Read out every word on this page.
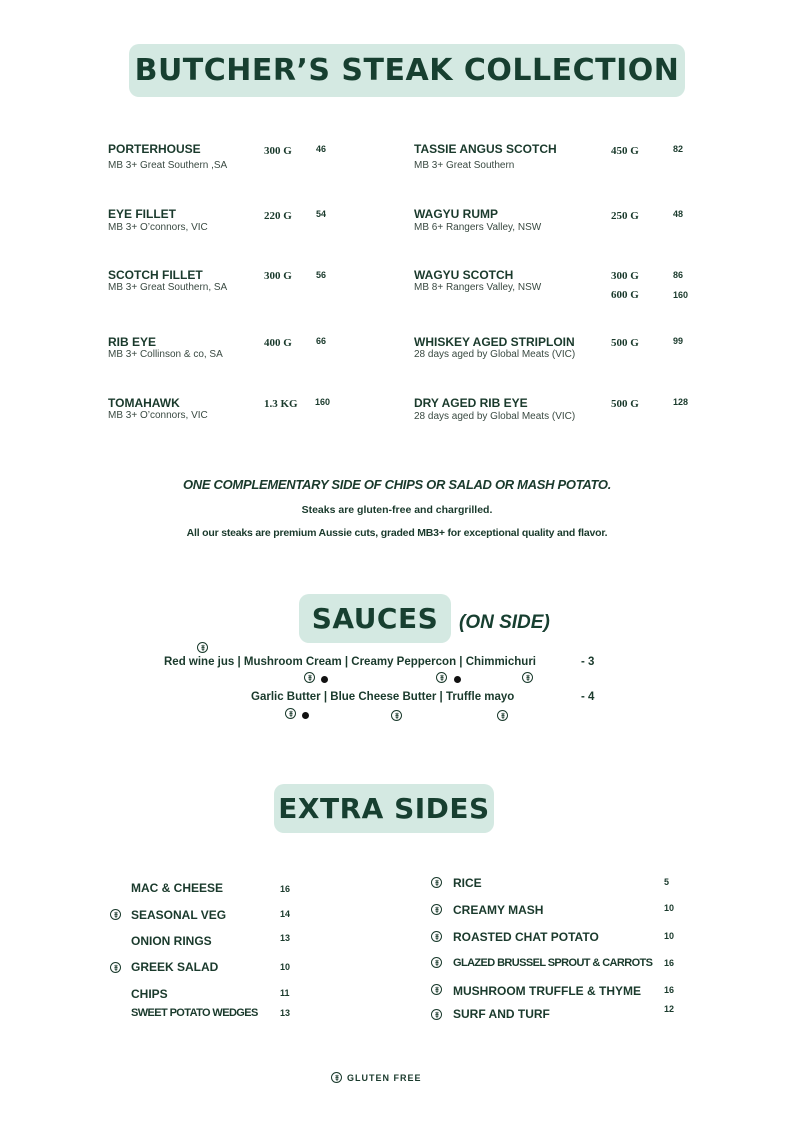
BUTCHER’S STEAK COLLECTION
PORTERHOUSE
MB 3+ Great Southern ,SA
300 G	46
EYE FILLET
MB 3+ O’connors, VIC
220 G	54
SCOTCH FILLET
MB 3+ Great Southern, SA
300 G	56
RIB EYE
MB 3+ Collinson & co, SA
400 G	66
TOMAHAWK
MB 3+ O’connors, VIC
1.3 KG 160
TASSIE ANGUS SCOTCH
MB 3+ Great Southern
450 G	82
WAGYU RUMP
MB 6+ Rangers Valley, NSW
250 G	48
WAGYU SCOTCH
MB 8+ Rangers Valley, NSW
300 G	86
600 G	160
WHISKEY AGED STRIPLOIN
28 days aged by Global Meats (VIC)
500 G	99
DRY AGED RIB EYE
28 days aged by Global Meats (VIC)
500 G	128
ONE COMPLEMENTARY SIDE OF CHIPS OR SALAD OR MASH POTATO.
Steaks are gluten-free and chargrilled.
All our steaks are premium Aussie cuts, graded MB3+ for exceptional quality and flavor.
SAUCES	(ON SIDE)
Red wine jus | Mushroom Cream | Creamy Peppercon | Chimmichuri	- 3
Garlic Butter | Blue Cheese Butter | Truffle mayo	- 4
EXTRA SIDES
MAC & CHEESE	16
SEASONAL VEG	14
ONION RINGS	13
GREEK SALAD	10
CHIPS	11
SWEET POTATO WEDGES 13
RICE	5
CREAMY MASH	10
ROASTED CHAT POTATO	10
GLAZED BRUSSEL SPROUT & CARROTS 16
MUSHROOM TRUFFLE & THYME	16
SURF AND TURF	12
GLUTEN FREE
